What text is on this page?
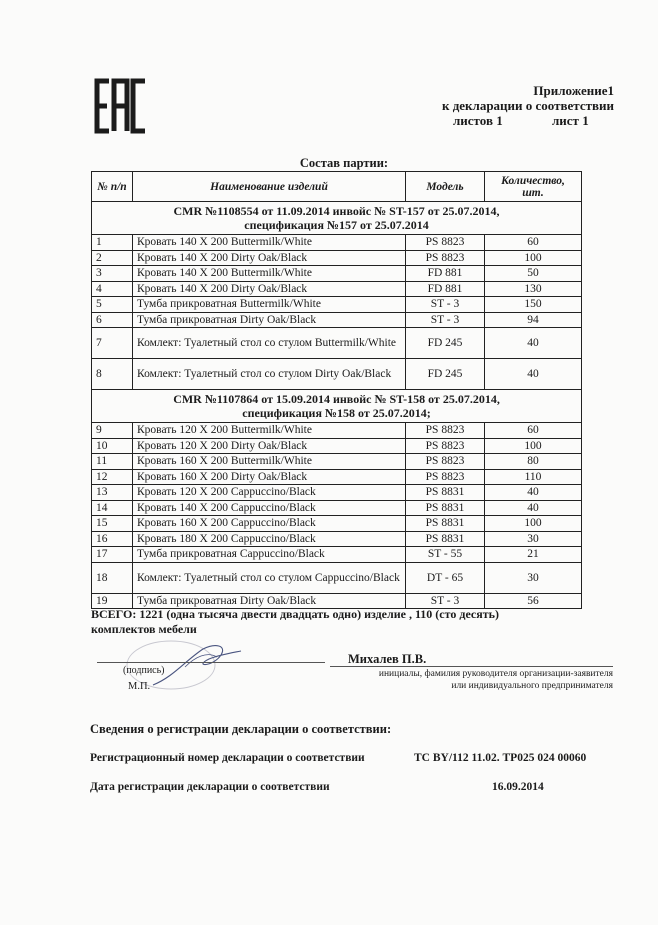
Приложение1
к декларации о соответствии
листов 1	лист 1
Состав партии:
№ п/п	Наименование изделий	Модель	Количество, шт.

CMR №1108554 от 11.09.2014 инвойс № ST-157 от 25.07.2014,
спецификация №157 от 25.07.2014			

1	Кровать 140 X 200 Buttermilk/White	PS 8823	60
2	Кровать 140 X 200 Dirty Oak/Black	PS 8823	100
3	Кровать 140 X 200 Buttermilk/White	FD 881	50
4	Кровать 140 X 200 Dirty Oak/Black	FD 881	130
5	Тумба прикроватная Buttermilk/White	ST - 3	150
6	Тумба прикроватная Dirty Oak/Black	ST - 3	94
7	Комлект: Туалетный стол со стулом Buttermilk/White	FD 245	40
8	Комлект: Туалетный стол со стулом Dirty Oak/Black	FD 245	40

CMR №1107864 от 15.09.2014 инвойс № ST-158 от 25.07.2014,
спецификация №158 от 25.07.2014;			

9	Кровать 120 X 200 Buttermilk/White	PS 8823	60
10	Кровать 120 X 200 Dirty Oak/Black	PS 8823	100
11	Кровать 160 X 200 Buttermilk/White	PS 8823	80
12	Кровать 160 X 200 Dirty Oak/Black	PS 8823	110
13	Кровать 120 X 200 Cappuccino/Black	PS 8831	40
14	Кровать 140 X 200 Cappuccino/Black	PS 8831	40
15	Кровать 160 X 200 Cappuccino/Black	PS 8831	100
16	Кровать 180 X 200 Cappuccino/Black	PS 8831	30
17	Тумба прикроватная Cappuccino/Black	ST - 55	21
18	Комлект: Туалетный стол со стулом Cappuccino/Black	DT - 65	30
19	Тумба прикроватная Dirty Oak/Black	ST - 3	56
ВСЕГО: 1221 (одна тысяча двести двадцать одно) изделие , 110 (сто десять)
комплектов мебели
(подпись)
М.П.
Михалев П.В.
инициалы, фамилия руководителя организации-заявителя
или индивидуального предпринимателя
Сведения о регистрации декларации о соответствии:
Регистрационный номер декларации о соответствии	ТС BY/112 11.02. ТР025 024 00060
Дата регистрации декларации о соответствии	16.09.2014
